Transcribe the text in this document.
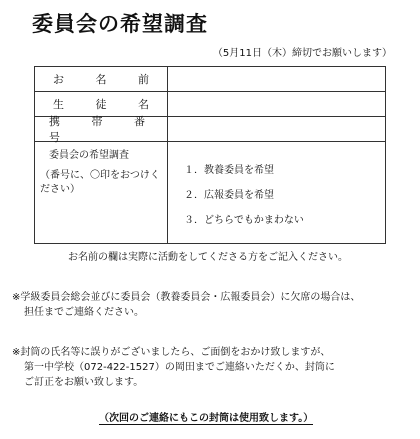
委員会の希望調査
（5月11日（木）締切でお願いします）
お 名 前
生 徒 名
携 帯 番 号
委員会の希望調査
（番号に、〇印をおつけください）
１．教養委員を希望
２．広報委員を希望
３．どちらでもかまわない
お名前の欄は実際に活動をしてくださる方をご記入ください。
※学級委員会総会並びに委員会（教養委員会・広報委員会）に欠席の場合は、
担任までご連絡ください。
※封筒の氏名等に誤りがございましたら、ご面倒をおかけ致しますが、
第一中学校（072-422-1527）の岡田までご連絡いただくか、封筒に
ご訂正をお願い致します。
（次回のご連絡にもこの封筒は使用致します。）
